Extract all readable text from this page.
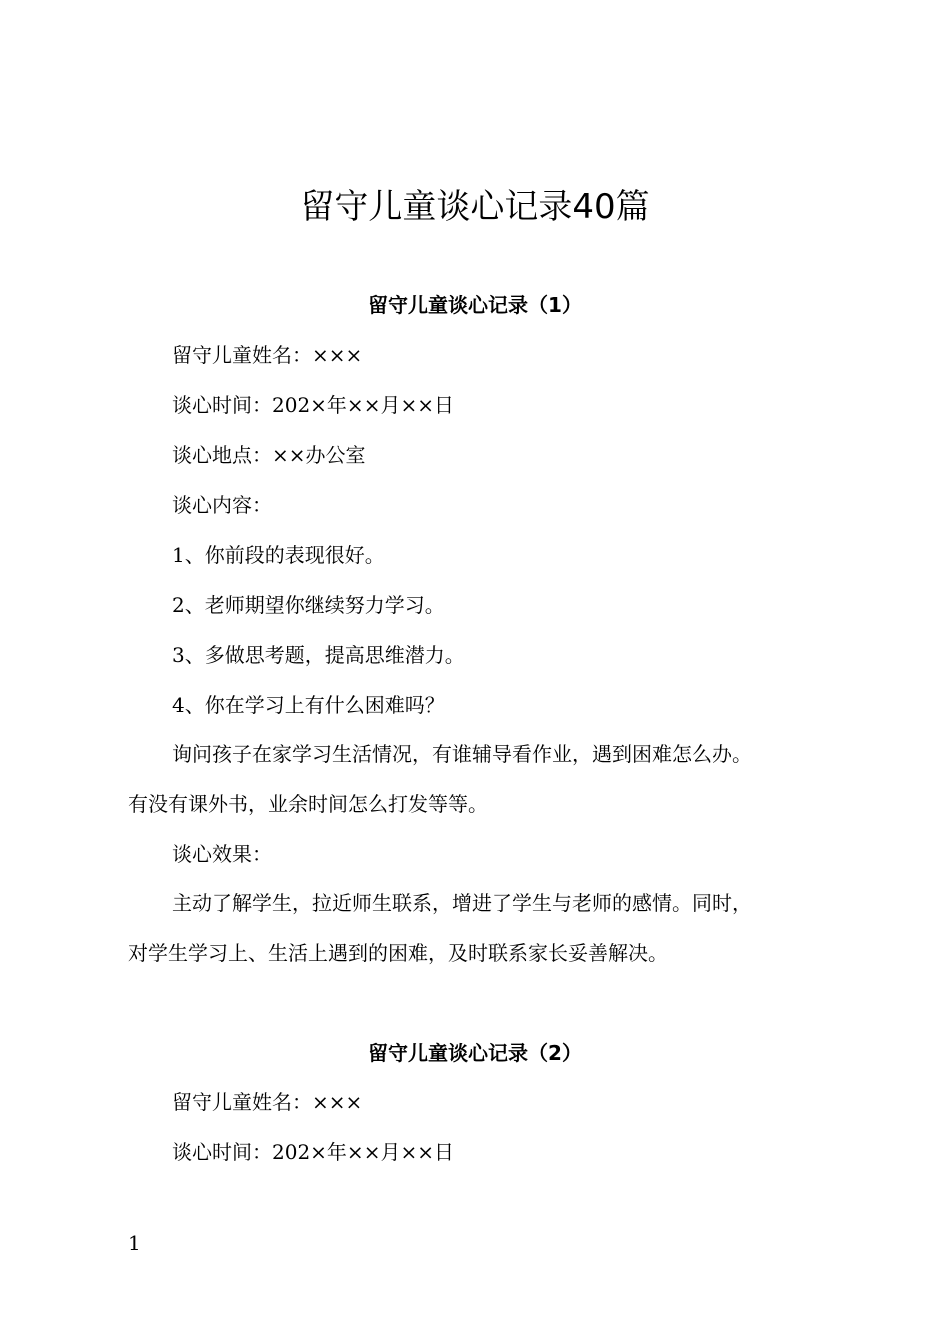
留守儿童谈心记录40篇
留守儿童谈心记录（1）

留守儿童姓名：×××

谈心时间：202×年××月××日

谈心地点：××办公室

谈心内容：

1、你前段的表现很好。

2、老师期望你继续努力学习。

3、多做思考题，提高思维潜力。

4、你在学习上有什么困难吗？

询问孩子在家学习生活情况，有谁辅导看作业，遇到困难怎么办。

有没有课外书，业余时间怎么打发等等。

谈心效果：

主动了解学生，拉近师生联系，增进了学生与老师的感情。同时，

对学生学习上、生活上遇到的困难，及时联系家长妥善解决。

留守儿童谈心记录（2）

留守儿童姓名：×××

谈心时间：202×年××月××日

1
